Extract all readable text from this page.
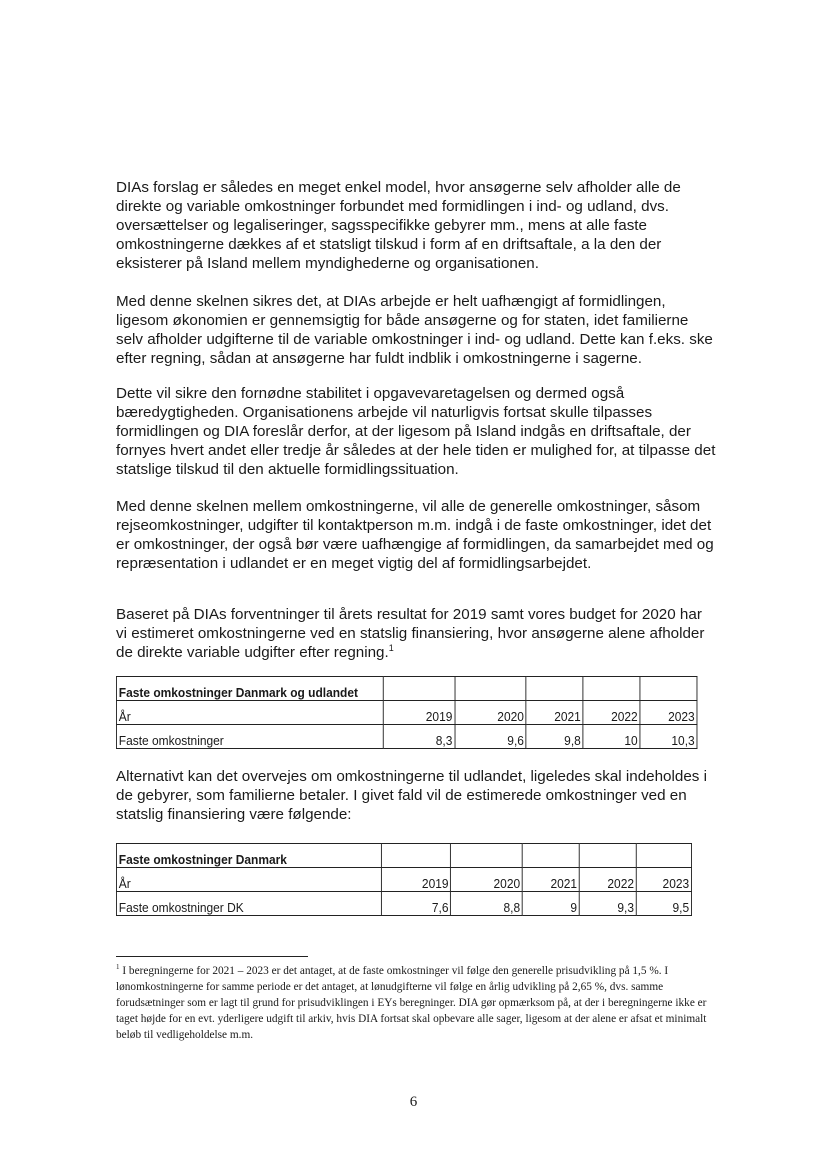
DIAs forslag er således en meget enkel model, hvor ansøgerne selv afholder alle de direkte og variable omkostninger forbundet med formidlingen i ind- og udland, dvs. oversættelser og legaliseringer, sagsspecifikke gebyrer mm., mens at alle faste omkostningerne dækkes af et statsligt tilskud i form af en driftsaftale, a la den der eksisterer på Island mellem myndighederne og organisationen.

Med denne skelnen sikres det, at DIAs arbejde er helt uafhængigt af formidlingen, ligesom økonomien er gennemsigtig for både ansøgerne og for staten, idet familierne selv afholder udgifterne til de variable omkostninger i ind- og udland. Dette kan f.eks. ske efter regning, sådan at ansøgerne har fuldt indblik i omkostningerne i sagerne.

Dette vil sikre den fornødne stabilitet i opgavevaretagelsen og dermed også bæredygtigheden. Organisationens arbejde vil naturligvis fortsat skulle tilpasses formidlingen og DIA foreslår derfor, at der ligesom på Island indgås en driftsaftale, der fornyes hvert andet eller tredje år således at der hele tiden er mulighed for, at tilpasse det statslige tilskud til den aktuelle formidlingssituation.

Med denne skelnen mellem omkostningerne, vil alle de generelle omkostninger, såsom rejseomkostninger, udgifter til kontaktperson m.m. indgå i de faste omkostninger, idet det er omkostninger, der også bør være uafhængige af formidlingen, da samarbejdet med og repræsentation i udlandet er en meget vigtig del af formidlingsarbejdet.

Baseret på DIAs forventninger til årets resultat for 2019 samt vores budget for 2020 har vi estimeret omkostningerne ved en statslig finansiering, hvor ansøgerne alene afholder de direkte variable udgifter efter regning.$^1$

Faste omkostninger Danmark og udlandet					
År	2019	2020	2021	2022	2023
Faste omkostninger	8,3	9,6	9,8	10	10,3

Alternativt kan det overvejes om omkostningerne til udlandet, ligeledes skal indeholdes i de gebyrer, som familierne betaler. I givet fald vil de estimerede omkostninger ved en statslig finansiering være følgende:

Faste omkostninger Danmark					
År	2019	2020	2021	2022	2023
Faste omkostninger DK	7,6	8,8	9	9,3	9,5

$^1$ I beregningerne for 2021 – 2023 er det antaget, at de faste omkostninger vil følge den generelle prisudvikling på 1,5 %. I lønomkostningerne for samme periode er det antaget, at lønudgifterne vil følge en årlig udvikling på 2,65 %, dvs. samme forudsætninger som er lagt til grund for prisudviklingen i EYs beregninger. DIA gør opmærksom på, at der i beregningerne ikke er taget højde for en evt. yderligere udgift til arkiv, hvis DIA fortsat skal opbevare alle sager, ligesom at der alene er afsat et minimalt beløb til vedligeholdelse m.m.

6
